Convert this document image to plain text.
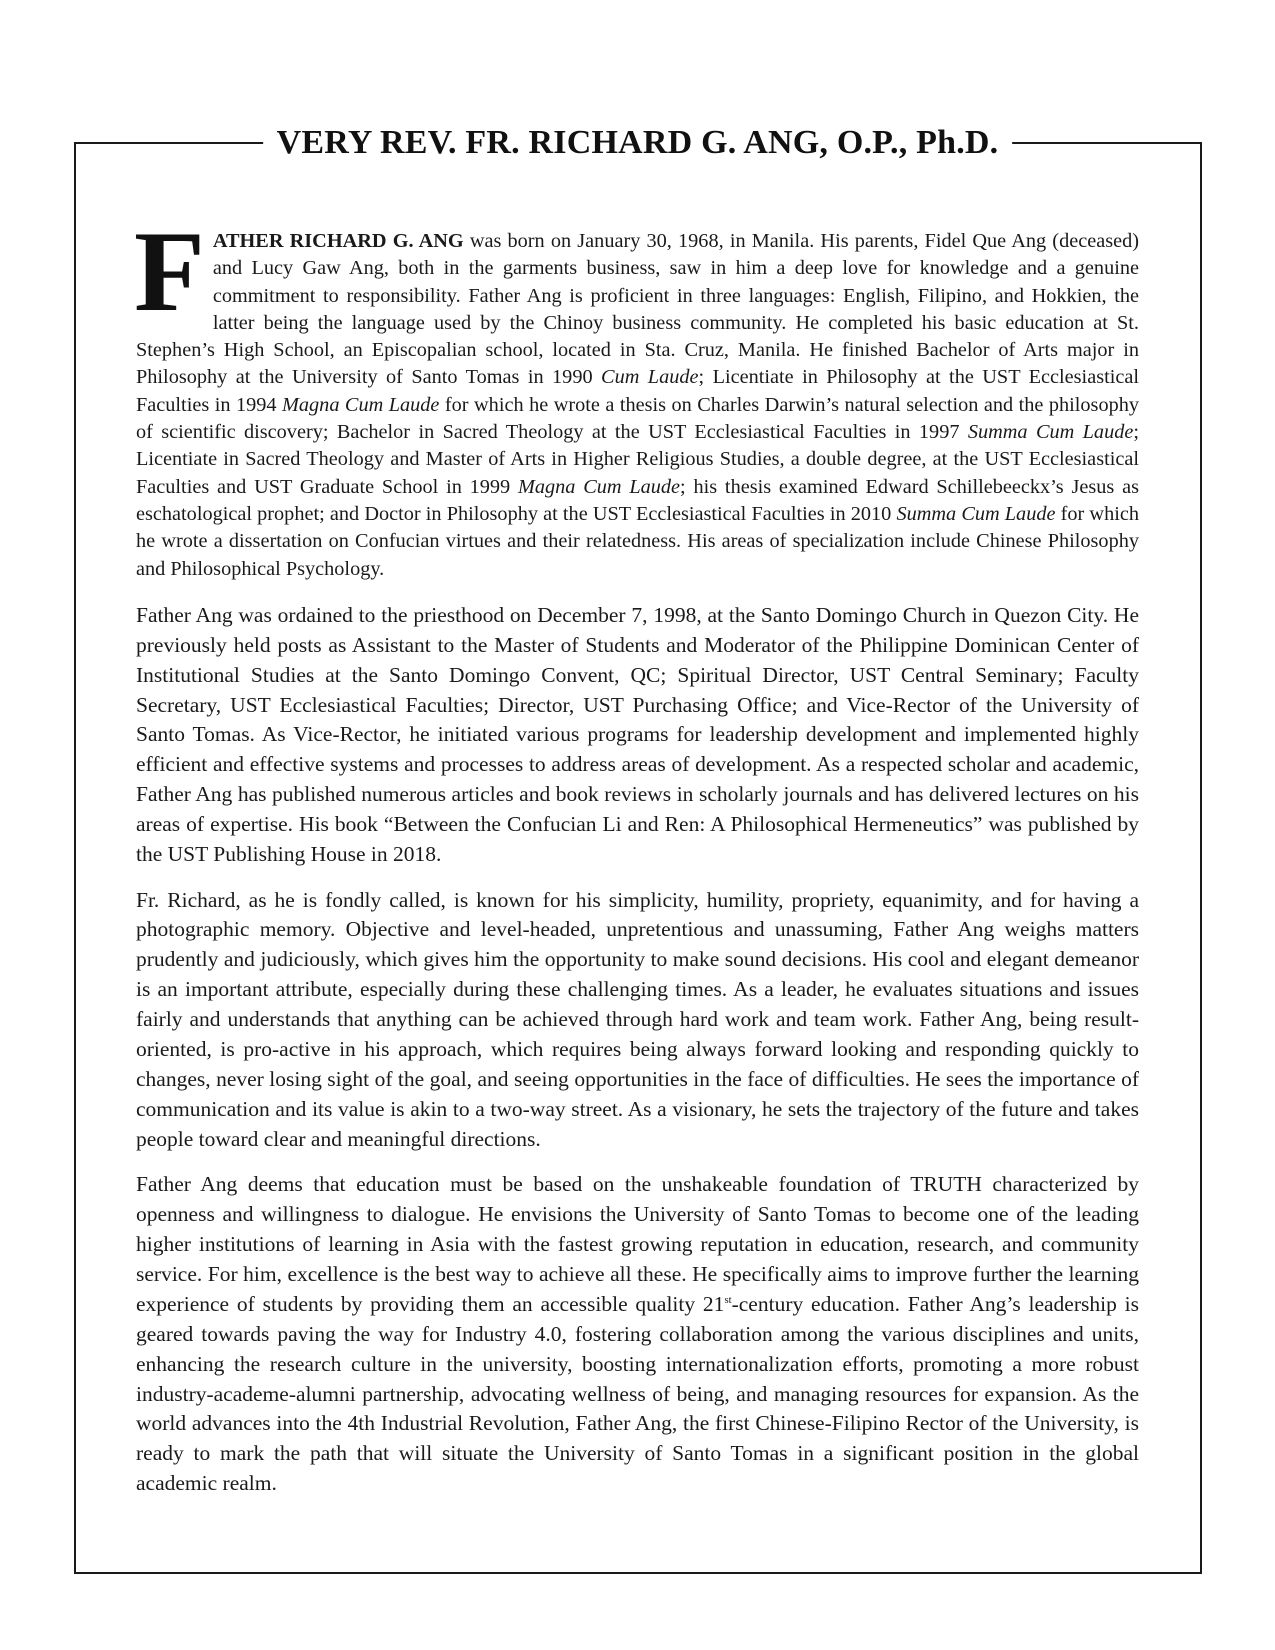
VERY REV. FR. RICHARD G. ANG, O.P., Ph.D.

FATHER RICHARD G. ANG was born on January 30, 1968, in Manila. His parents, Fidel Que Ang (deceased) and Lucy Gaw Ang, both in the garments business, saw in him a deep love for knowledge and a genuine commitment to responsibility. Father Ang is proficient in three languages: English, Filipino, and Hokkien, the latter being the language used by the Chinoy business community. He completed his basic education at St. Stephen’s High School, an Episcopalian school, located in Sta. Cruz, Manila. He finished Bachelor of Arts major in Philosophy at the University of Santo Tomas in 1990 Cum Laude; Licentiate in Philosophy at the UST Ecclesiastical Faculties in 1994 Magna Cum Laude for which he wrote a thesis on Charles Darwin’s natural selection and the philosophy of scientific discovery; Bachelor in Sacred Theology at the UST Ecclesiastical Faculties in 1997 Summa Cum Laude; Licentiate in Sacred Theology and Master of Arts in Higher Religious Studies, a double degree, at the UST Ecclesiastical Faculties and UST Graduate School in 1999 Magna Cum Laude; his thesis examined Edward Schillebeeckx’s Jesus as eschatological prophet; and Doctor in Philosophy at the UST Ecclesiastical Faculties in 2010 Summa Cum Laude for which he wrote a dissertation on Confucian virtues and their relatedness. His areas of specialization include Chinese Philosophy and Philosophical Psychology.

Father Ang was ordained to the priesthood on December 7, 1998, at the Santo Domingo Church in Quezon City. He previously held posts as Assistant to the Master of Students and Moderator of the Philippine Dominican Center of Institutional Studies at the Santo Domingo Convent, QC; Spiritual Director, UST Central Seminary; Faculty Secretary, UST Ecclesiastical Faculties; Director, UST Purchasing Office; and Vice-Rector of the University of Santo Tomas. As Vice-Rector, he initiated various programs for leadership development and implemented highly efficient and effective systems and processes to address areas of development. As a respected scholar and academic, Father Ang has published numerous articles and book reviews in scholarly journals and has delivered lectures on his areas of expertise. His book “Between the Confucian Li and Ren: A Philosophical Hermeneutics” was published by the UST Publishing House in 2018.

Fr. Richard, as he is fondly called, is known for his simplicity, humility, propriety, equanimity, and for having a photographic memory. Objective and level-headed, unpretentious and unassuming, Father Ang weighs matters prudently and judiciously, which gives him the opportunity to make sound decisions. His cool and elegant demeanor is an important attribute, especially during these challenging times. As a leader, he evaluates situations and issues fairly and understands that anything can be achieved through hard work and team work. Father Ang, being result-oriented, is pro-active in his approach, which requires being always forward looking and responding quickly to changes, never losing sight of the goal, and seeing opportunities in the face of difficulties. He sees the importance of communication and its value is akin to a two-way street. As a visionary, he sets the trajectory of the future and takes people toward clear and meaningful directions.

Father Ang deems that education must be based on the unshakeable foundation of TRUTH characterized by openness and willingness to dialogue. He envisions the University of Santo Tomas to become one of the leading higher institutions of learning in Asia with the fastest growing reputation in education, research, and community service. For him, excellence is the best way to achieve all these. He specifically aims to improve further the learning experience of students by providing them an accessible quality 21st-century education. Father Ang’s leadership is geared towards paving the way for Industry 4.0, fostering collaboration among the various disciplines and units, enhancing the research culture in the university, boosting internationalization efforts, promoting a more robust industry-academe-alumni partnership, advocating wellness of being, and managing resources for expansion. As the world advances into the 4th Industrial Revolution, Father Ang, the first Chinese-Filipino Rector of the University, is ready to mark the path that will situate the University of Santo Tomas in a significant position in the global academic realm.
